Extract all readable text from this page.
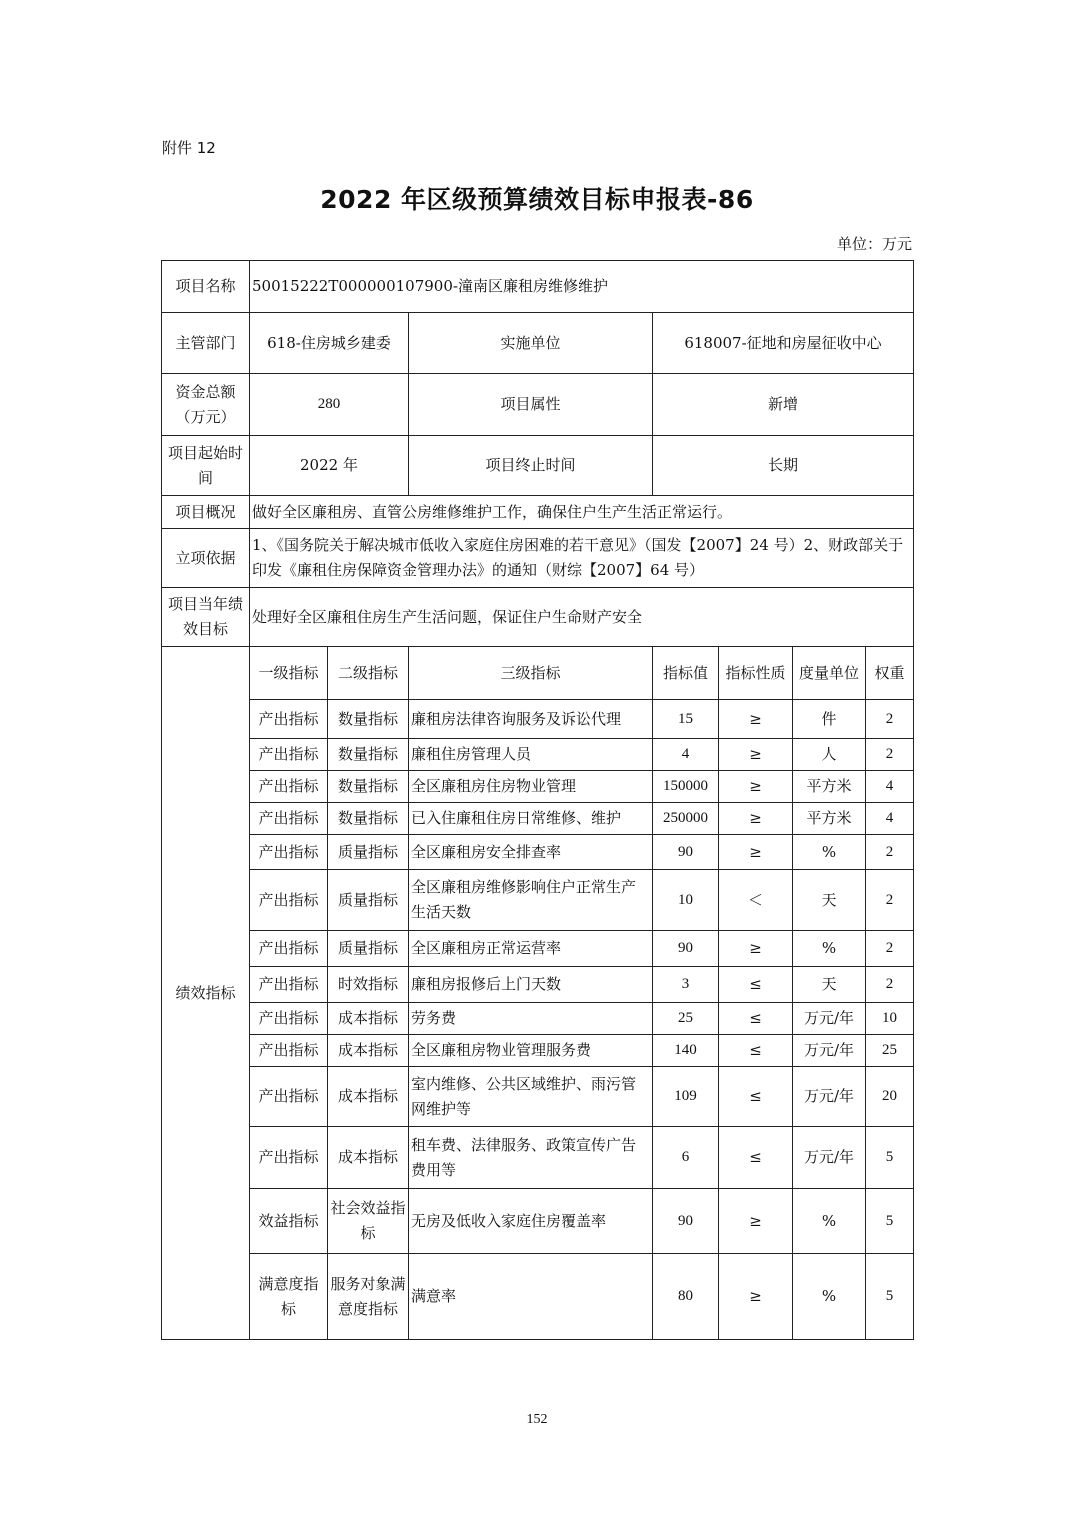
附件 12
2022 年区级预算绩效目标申报表-86
单位：万元
项目名称	50015222T000000107900-潼南区廉租房维修维护						
主管部门	618-住房城乡建委		实施单位	618007-征地和房屋征收中心			
资金总额（万元）	280		项目属性	新增			
项目起始时间	2022 年		项目终止时间	长期			
项目概况	做好全区廉租房、直管公房维修维护工作，确保住户生产生活正常运行。						
立项依据	1、《国务院关于解决城市低收入家庭住房困难的若干意见》（国发【2007】24 号）2、财政部关于印发《廉租住房保障资金管理办法》的通知（财综【2007】64 号）						
项目当年绩效目标	处理好全区廉租住房生产生活问题，保证住户生命财产安全						
绩效指标	一级指标	二级指标	三级指标	指标值	指标性质	度量单位	权重
	产出指标	数量指标	廉租房法律咨询服务及诉讼代理	15	≥	件	2
	产出指标	数量指标	廉租住房管理人员	4	≥	人	2
	产出指标	数量指标	全区廉租房住房物业管理	150000	≥	平方米	4
	产出指标	数量指标	已入住廉租住房日常维修、维护	250000	≥	平方米	4
	产出指标	质量指标	全区廉租房安全排查率	90	≥	%	2
	产出指标	质量指标	全区廉租房维修影响住户正常生产生活天数	10	＜	天	2
	产出指标	质量指标	全区廉租房正常运营率	90	≥	%	2
	产出指标	时效指标	廉租房报修后上门天数	3	≤	天	2
	产出指标	成本指标	劳务费	25	≤	万元/年	10
	产出指标	成本指标	全区廉租房物业管理服务费	140	≤	万元/年	25
	产出指标	成本指标	室内维修、公共区域维护、雨污管网维护等	109	≤	万元/年	20
	产出指标	成本指标	租车费、法律服务、政策宣传广告费用等	6	≤	万元/年	5
	效益指标	社会效益指标	无房及低收入家庭住房覆盖率	90	≥	%	5
	满意度指标	服务对象满意度指标	满意率	80	≥	%	5
152
